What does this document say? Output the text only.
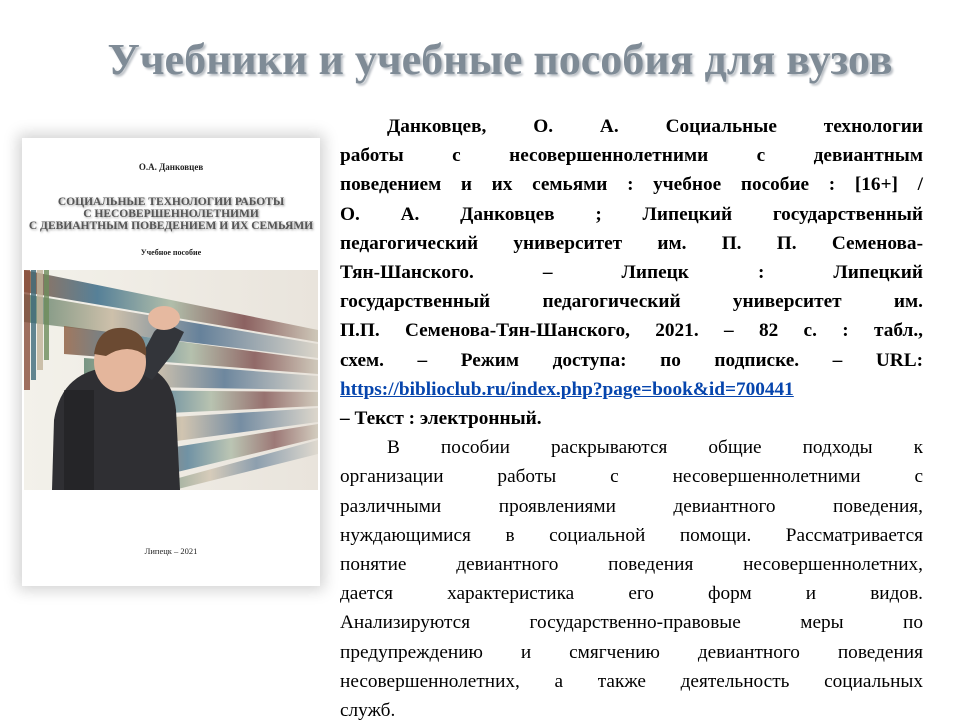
Учебники и учебные пособия для вузов
О.А. Данковцев
СОЦИАЛЬНЫЕ ТЕХНОЛОГИИ РАБОТЫ
С НЕСОВЕРШЕННОЛЕТНИМИ
С ДЕВИАНТНЫМ ПОВЕДЕНИЕМ И ИХ СЕМЬЯМИ
Учебное пособие
Липецк – 2021
Данковцев, О. А. Социальные технологии
работы с несовершеннолетними с девиантным
поведением и их семьями : учебное пособие : [16+] /
О. А. Данковцев ; Липецкий государственный
педагогический университет им. П. П. Семенова-
Тян-Шанского. – Липецк : Липецкий
государственный педагогический университет им.
П.П. Семенова-Тян-Шанского, 2021. – 82 с. : табл.,
схем. – Режим доступа: по подписке. – URL:
https://biblioclub.ru/index.php?page=book&id=700441
– Текст : электронный.
В пособии раскрываются общие подходы к
организации работы с несовершеннолетними с
различными проявлениями девиантного поведения,
нуждающимися в социальной помощи. Рассматривается
понятие девиантного поведения несовершеннолетних,
дается характеристика его форм и видов.
Анализируются государственно-правовые меры по
предупреждению и смягчению девиантного поведения
несовершеннолетних, а также деятельность социальных
служб.
